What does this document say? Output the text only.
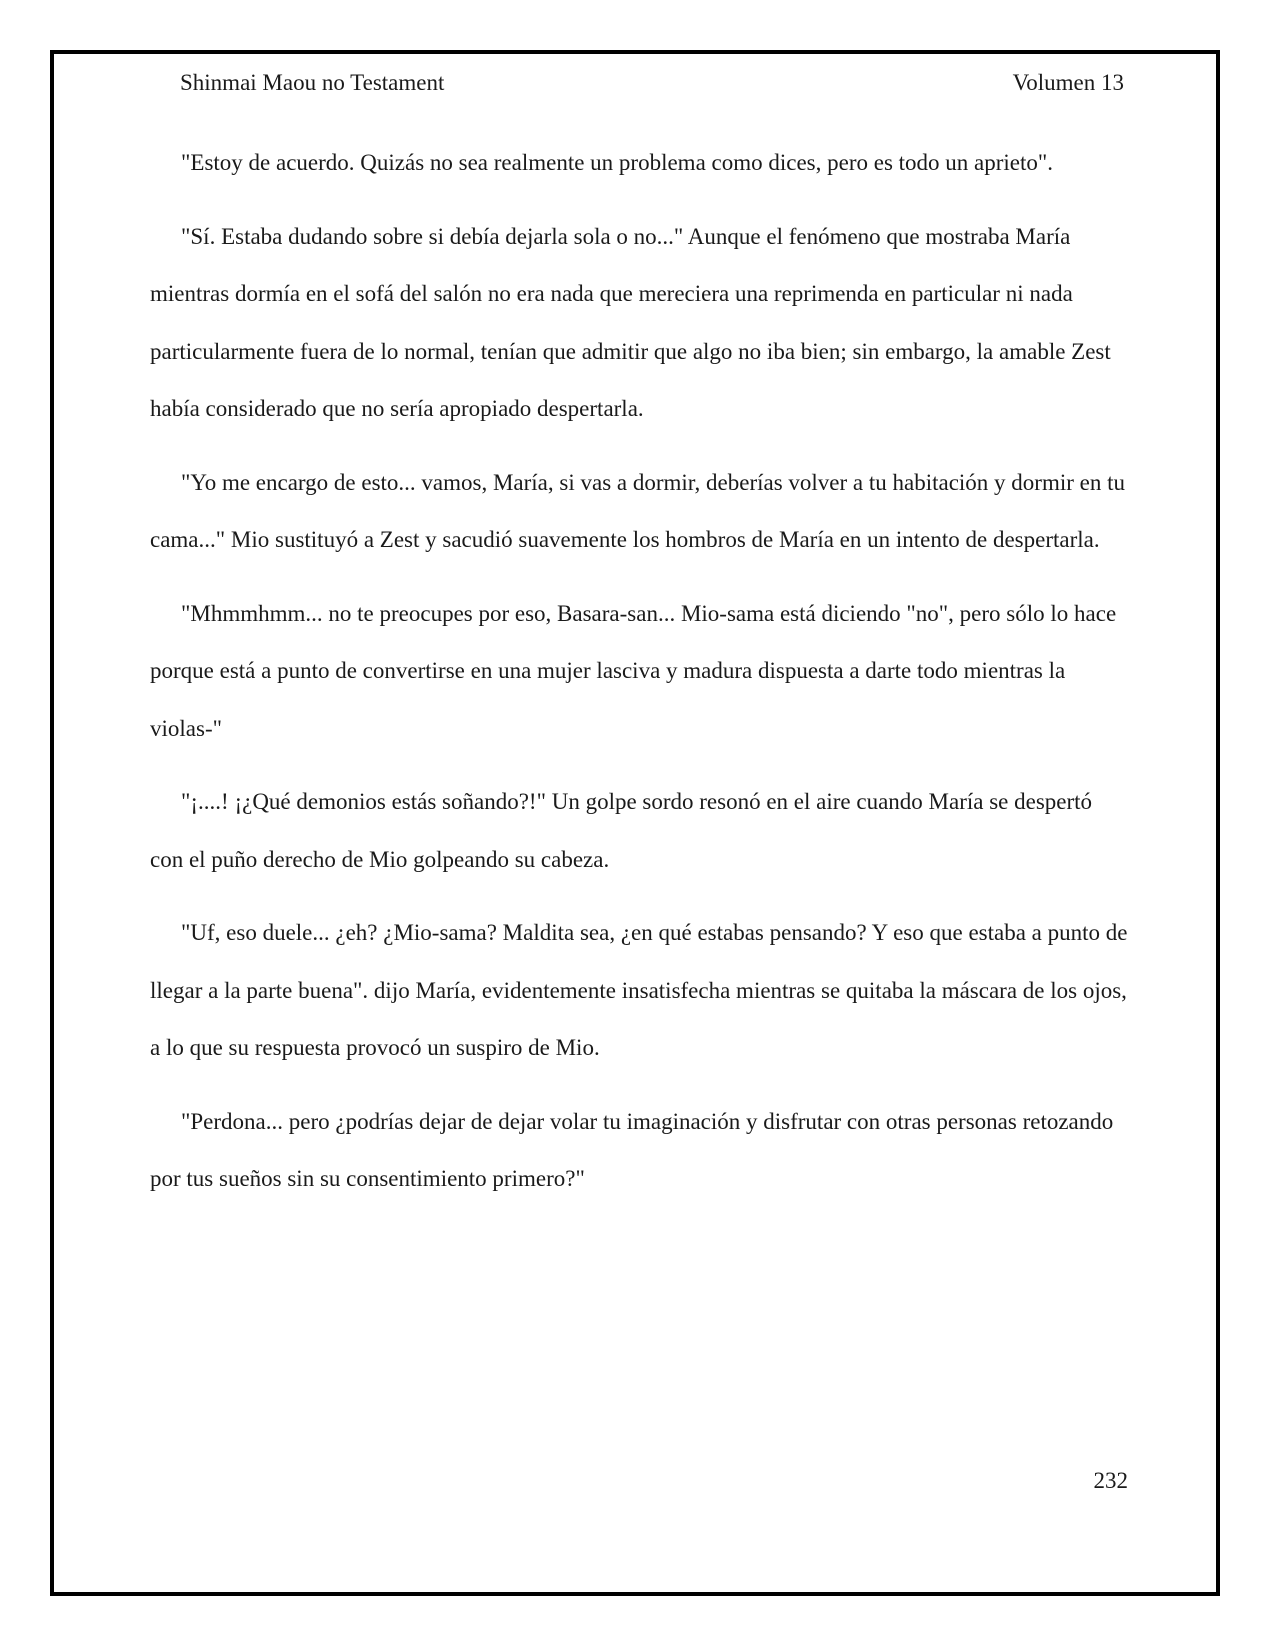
Shinmai Maou no Testament	Volumen 13

"Estoy de acuerdo. Quizás no sea realmente un problema como dices, pero es todo un aprieto".

"Sí. Estaba dudando sobre si debía dejarla sola o no..." Aunque el fenómeno que mostraba María mientras dormía en el sofá del salón no era nada que mereciera una reprimenda en particular ni nada particularmente fuera de lo normal, tenían que admitir que algo no iba bien; sin embargo, la amable Zest había considerado que no sería apropiado despertarla.

"Yo me encargo de esto... vamos, María, si vas a dormir, deberías volver a tu habitación y dormir en tu cama..." Mio sustituyó a Zest y sacudió suavemente los hombros de María en un intento de despertarla.

"Mhmmhmm... no te preocupes por eso, Basara-san... Mio-sama está diciendo "no", pero sólo lo hace porque está a punto de convertirse en una mujer lasciva y madura dispuesta a darte todo mientras la violas-"

"¡....! ¡¿Qué demonios estás soñando?!" Un golpe sordo resonó en el aire cuando María se despertó con el puño derecho de Mio golpeando su cabeza.

"Uf, eso duele... ¿eh? ¿Mio-sama? Maldita sea, ¿en qué estabas pensando? Y eso que estaba a punto de llegar a la parte buena". dijo María, evidentemente insatisfecha mientras se quitaba la máscara de los ojos, a lo que su respuesta provocó un suspiro de Mio.

"Perdona... pero ¿podrías dejar de dejar volar tu imaginación y disfrutar con otras personas retozando por tus sueños sin su consentimiento primero?"

232
